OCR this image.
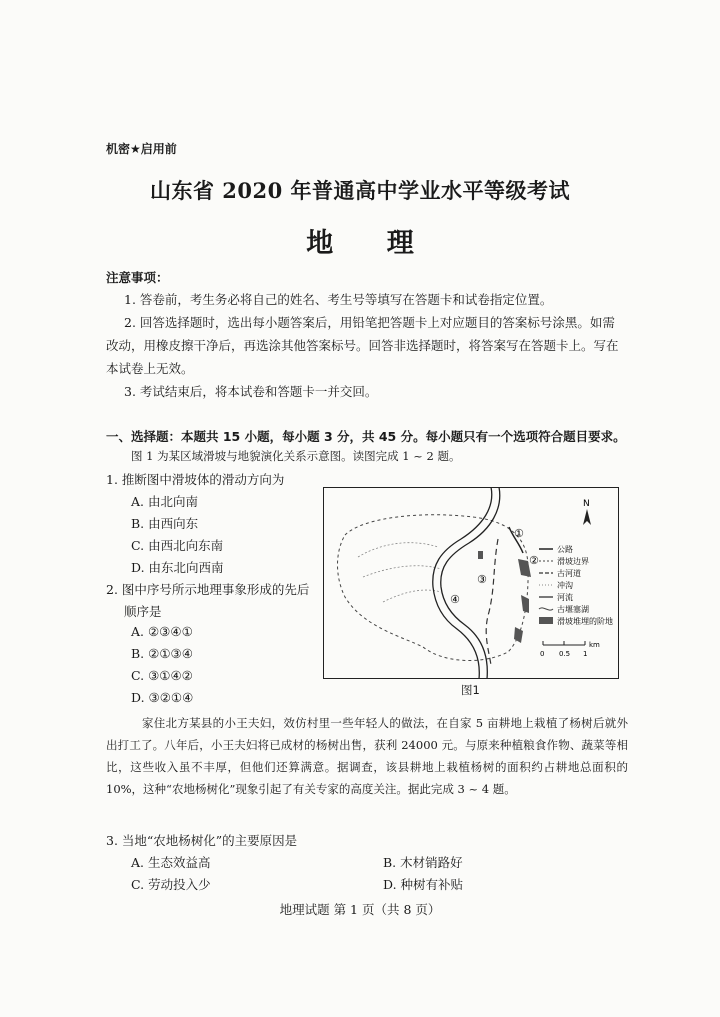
机密★启用前
山东省 2020 年普通高中学业水平等级考试
地 理
注意事项：
1. 答卷前，考生务必将自己的姓名、考生号等填写在答题卡和试卷指定位置。
2. 回答选择题时，选出每小题答案后，用铅笔把答题卡上对应题目的答案标号涂黑。如需
改动，用橡皮擦干净后，再选涂其他答案标号。回答非选择题时，将答案写在答题卡上。写在
本试卷上无效。
3. 考试结束后，将本试卷和答题卡一并交回。
一、选择题：本题共 15 小题，每小题 3 分，共 45 分。每小题只有一个选项符合题目要求。
图 1 为某区域滑坡与地貌演化关系示意图。读图完成 1 ~ 2 题。
1. 推断图中滑坡体的滑动方向为
A. 由北向南
B. 由西向东
C. 由西北向东南
D. 由东北向西南
2. 图中序号所示地理事象形成的先后
顺序是
A. ②③④①
B. ②①③④
C. ③①④②
D. ③②①④
①
②
③
④
N
公路
滑坡边界
古河道
冲沟
河流
古堰塞湖
滑坡堆埋的阶地
0 0.5 1
km
图1
家住北方某县的小王夫妇，效仿村里一些年轻人的做法，在自家 5 亩耕地上栽植了杨树后就外出打工了。八年后，小王夫妇将已成材的杨树出售，获利 24000 元。与原来种植粮食作物、蔬菜等相比，这些收入虽不丰厚，但他们还算满意。据调查，该县耕地上栽植杨树的面积约占耕地总面积的 10%，这种“农地杨树化”现象引起了有关专家的高度关注。据此完成 3 ~ 4 题。
3. 当地“农地杨树化”的主要原因是
A. 生态效益高	B. 木材销路好
C. 劳动投入少	D. 种树有补贴
地理试题 第 1 页（共 8 页）
